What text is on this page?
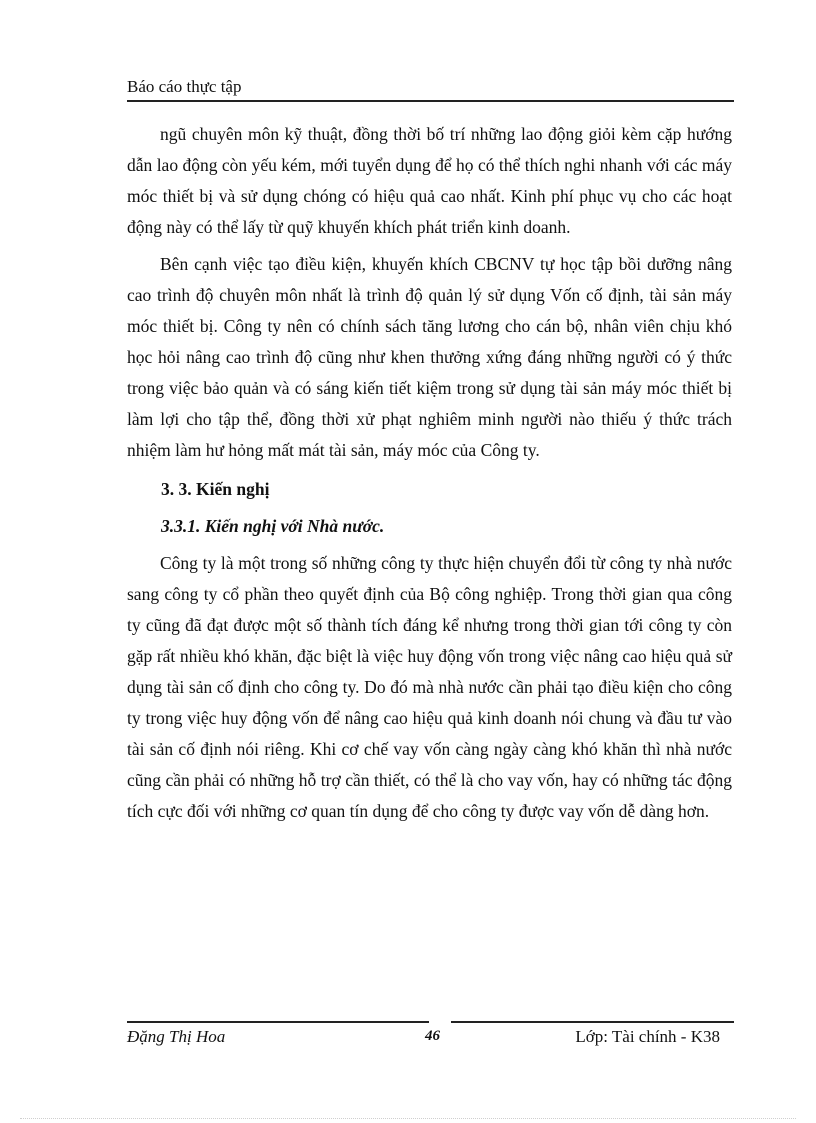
Báo cáo thực tập

ngũ chuyên môn kỹ thuật, đồng thời bố trí những lao động giỏi kèm cặp hướng dẫn lao động còn yếu kém, mới tuyển dụng để họ có thể thích nghi nhanh với các máy móc thiết bị và sử dụng chóng có hiệu quả cao nhất. Kinh phí phục vụ cho các hoạt động này có thể lấy từ quỹ khuyến khích phát triển kinh doanh.

Bên cạnh việc tạo điều kiện, khuyến khích CBCNV tự học tập bồi dưỡng nâng cao trình độ chuyên môn nhất là trình độ quản lý sử dụng Vốn cố định, tài sản máy móc thiết bị. Công ty nên có chính sách tăng lương cho cán bộ, nhân viên chịu khó học hỏi nâng cao trình độ cũng như khen thưởng xứng đáng những người có ý thức trong việc bảo quản và có sáng kiến tiết kiệm trong sử dụng tài sản máy móc thiết bị làm lợi cho tập thể, đồng thời xử phạt nghiêm minh người nào thiếu ý thức trách nhiệm làm hư hỏng mất mát tài sản, máy móc của Công ty.

3. 3. Kiến nghị
3.3.1. Kiến nghị với Nhà nước.

Công ty là một trong số những công ty thực hiện chuyển đổi từ công ty nhà nước sang công ty cổ phần theo quyết định của Bộ công nghiệp. Trong thời gian qua công ty cũng đã đạt được một số thành tích đáng kể nhưng trong thời gian tới công ty còn gặp rất nhiều khó khăn, đặc biệt là việc huy động vốn trong việc nâng cao hiệu quả sử dụng tài sản cố định cho công ty. Do đó mà nhà nước cần phải tạo điều kiện cho công ty trong việc huy động vốn để nâng cao hiệu quả kinh doanh nói chung và đầu tư vào tài sản cố định nói riêng. Khi cơ chế vay vốn càng ngày càng khó khăn thì nhà nước cũng cần phải có những hỗ trợ cần thiết, có thể là cho vay vốn, hay có những tác động tích cực đối với những cơ quan tín dụng để cho công ty được vay vốn dễ dàng hơn.

Đặng Thị Hoa	46	Lớp: Tài chính - K38
